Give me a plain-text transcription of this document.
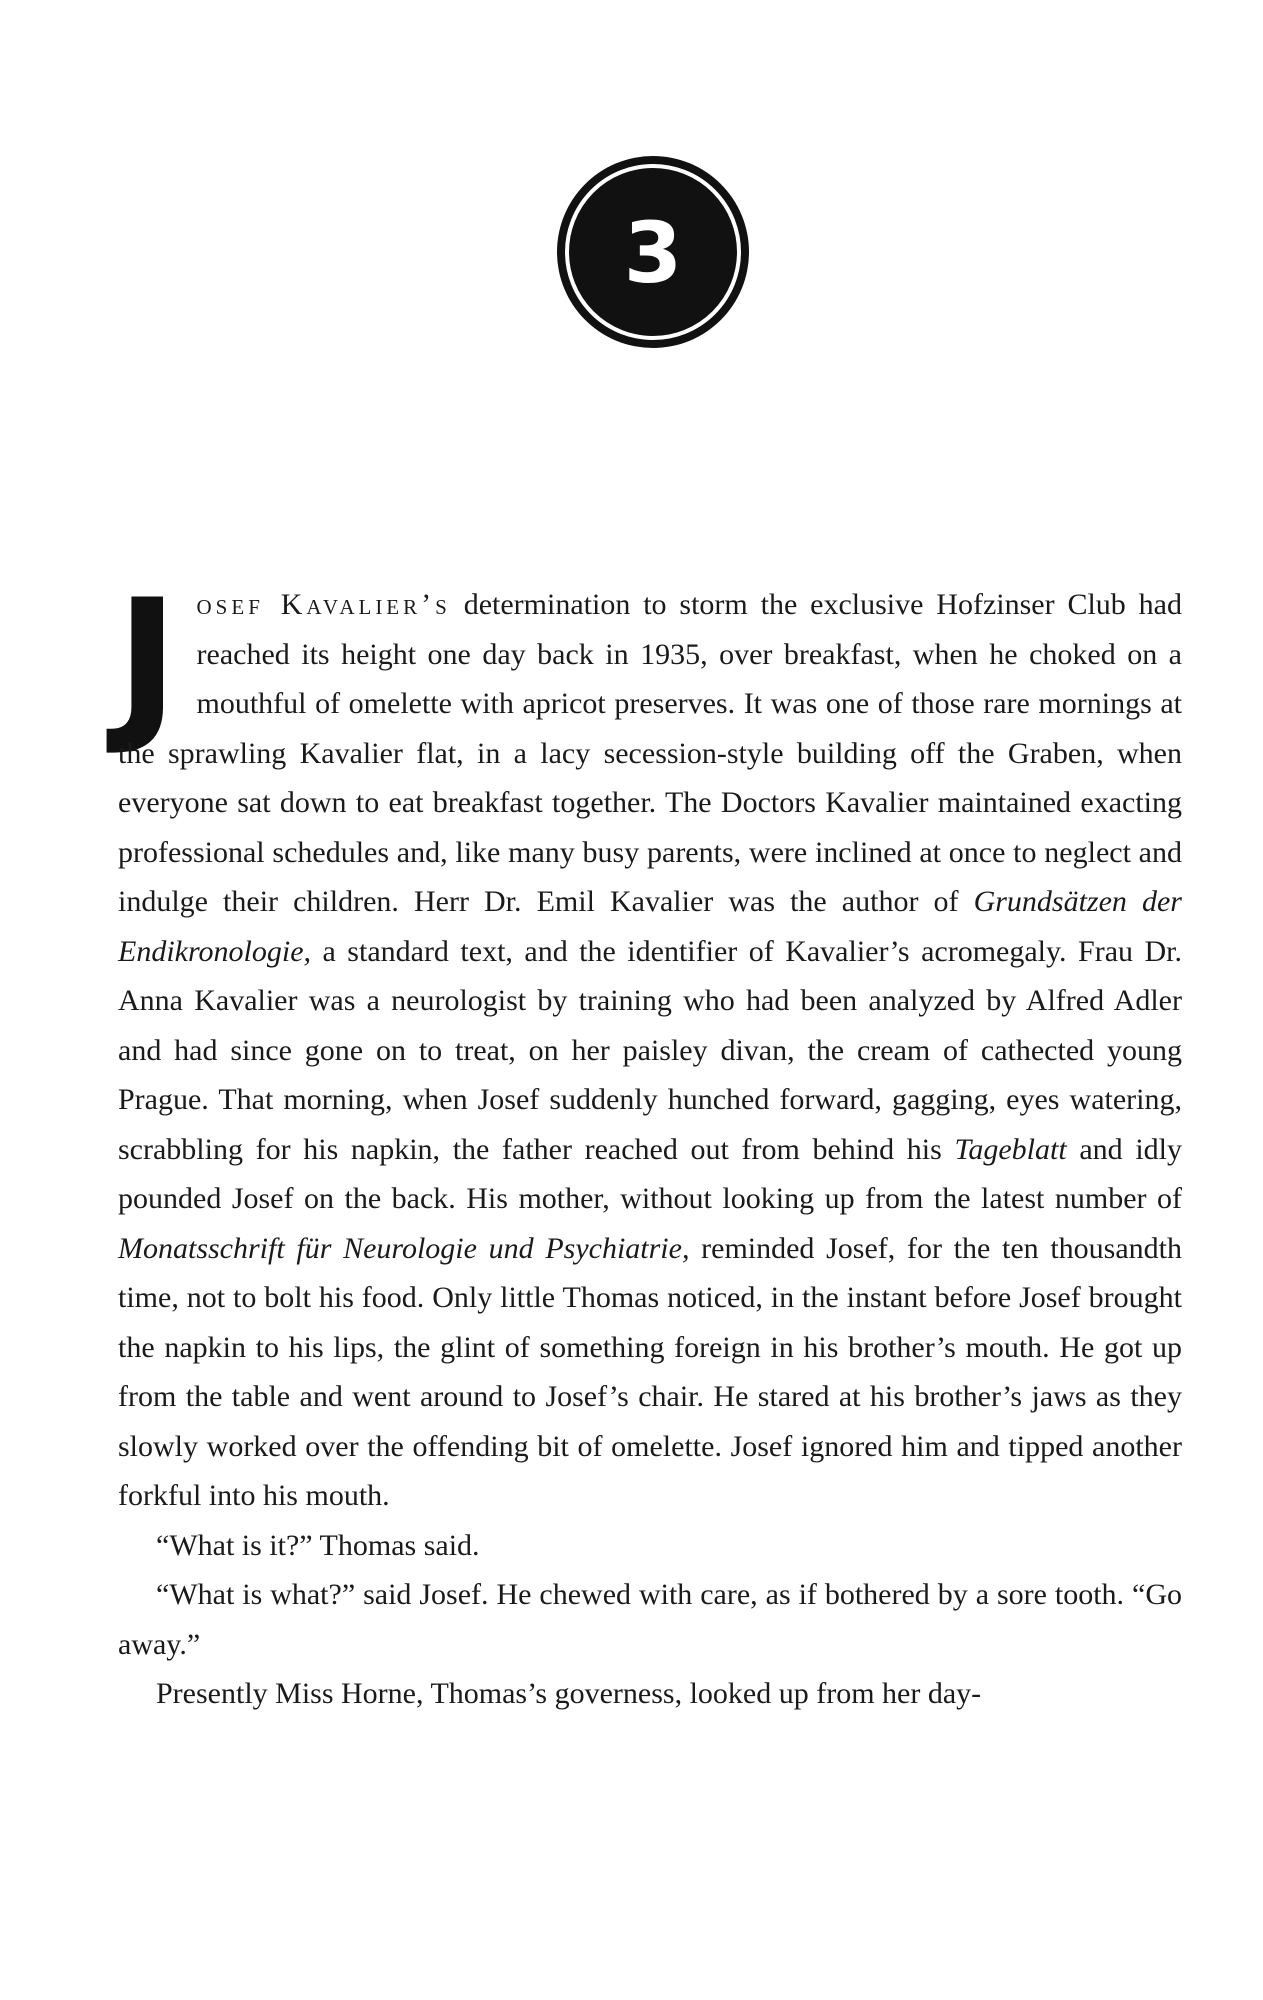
3

Josef Kavalier’s determination to storm the exclusive Hofzinser Club had reached its height one day back in 1935, over breakfast, when he choked on a mouthful of omelette with apricot preserves. It was one of those rare mornings at the sprawling Kavalier flat, in a lacy secession-style building off the Graben, when everyone sat down to eat breakfast together. The Doctors Kavalier maintained exacting professional schedules and, like many busy parents, were inclined at once to neglect and indulge their children. Herr Dr. Emil Kavalier was the author of Grundsätzen der Endikronologie, a standard text, and the identifier of Kavalier’s acromegaly. Frau Dr. Anna Kavalier was a neurologist by training who had been analyzed by Alfred Adler and had since gone on to treat, on her paisley divan, the cream of cathected young Prague. That morning, when Josef suddenly hunched forward, gagging, eyes watering, scrabbling for his napkin, the father reached out from behind his Tageblatt and idly pounded Josef on the back. His mother, without looking up from the latest number of Monatsschrift für Neurologie und Psychiatrie, reminded Josef, for the ten thousandth time, not to bolt his food. Only little Thomas noticed, in the instant before Josef brought the napkin to his lips, the glint of something foreign in his brother’s mouth. He got up from the table and went around to Josef’s chair. He stared at his brother’s jaws as they slowly worked over the offending bit of omelette. Josef ignored him and tipped another forkful into his mouth.

“What is it?” Thomas said.

“What is what?” said Josef. He chewed with care, as if bothered by a sore tooth. “Go away.”

Presently Miss Horne, Thomas’s governess, looked up from her day-
